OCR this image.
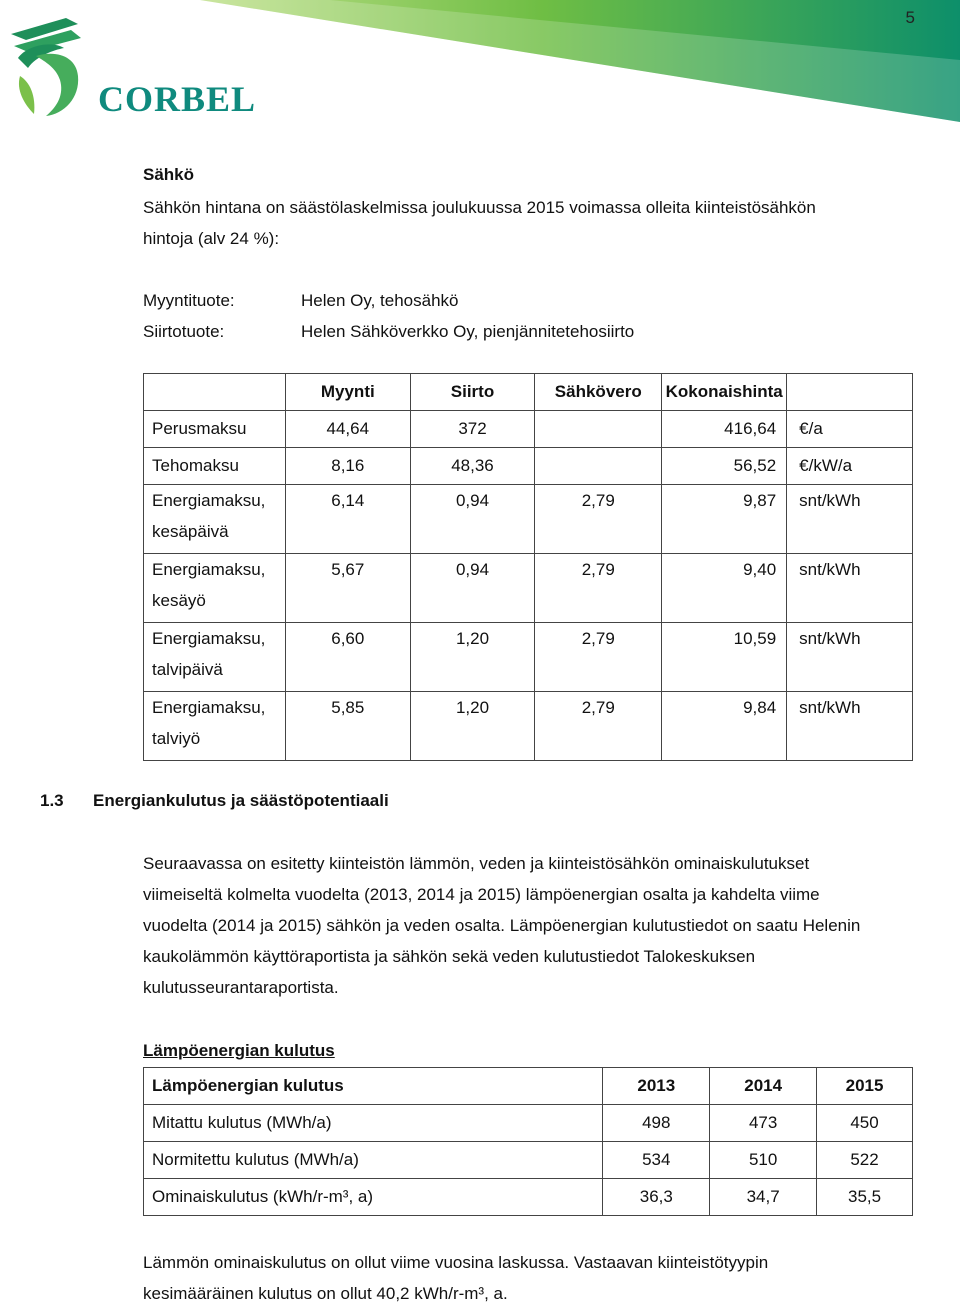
5
CORBEL
Sähkö
Sähkön hintana on säästölaskelmissa joulukuussa 2015 voimassa olleita kiinteistösähkön
hintoja (alv 24 %):
Myyntituote:	Helen Oy, tehosähkö
Siirtotuote:	Helen Sähköverkko Oy, pienjännitetehosiirto
	Myynti	Siirto	Sähkövero	Kokonaishinta	
Perusmaksu	44,64	372		416,64	€/a
Tehomaksu	8,16	48,36		56,52	€/kW/a
Energiamaksu,
kesäpäivä	6,14	0,94	2,79	9,87	snt/kWh
Energiamaksu,
kesäyö	5,67	0,94	2,79	9,40	snt/kWh
Energiamaksu,
talvipäivä	6,60	1,20	2,79	10,59	snt/kWh
Energiamaksu,
talviyö	5,85	1,20	2,79	9,84	snt/kWh
1.3 Energiankulutus ja säästöpotentiaali
Seuraavassa on esitetty kiinteistön lämmön, veden ja kiinteistösähkön ominaiskulutukset
viimeiseltä kolmelta vuodelta (2013, 2014 ja 2015) lämpöenergian osalta ja kahdelta viime
vuodelta (2014 ja 2015) sähkön ja veden osalta. Lämpöenergian kulutustiedot on saatu Helenin
kaukolämmön käyttöraportista ja sähkön sekä veden kulutustiedot Talokeskuksen
kulutusseurantaraportista.
Lämpöenergian kulutus
Lämpöenergian kulutus	2013	2014	2015
Mitattu kulutus (MWh/a)	498	473	450
Normitettu kulutus (MWh/a)	534	510	522
Ominaiskulutus (kWh/r-m³, a)	36,3	34,7	35,5
Lämmön ominaiskulutus on ollut viime vuosina laskussa. Vastaavan kiinteistötyypin
kesimääräinen kulutus on ollut 40,2 kWh/r-m³, a.
